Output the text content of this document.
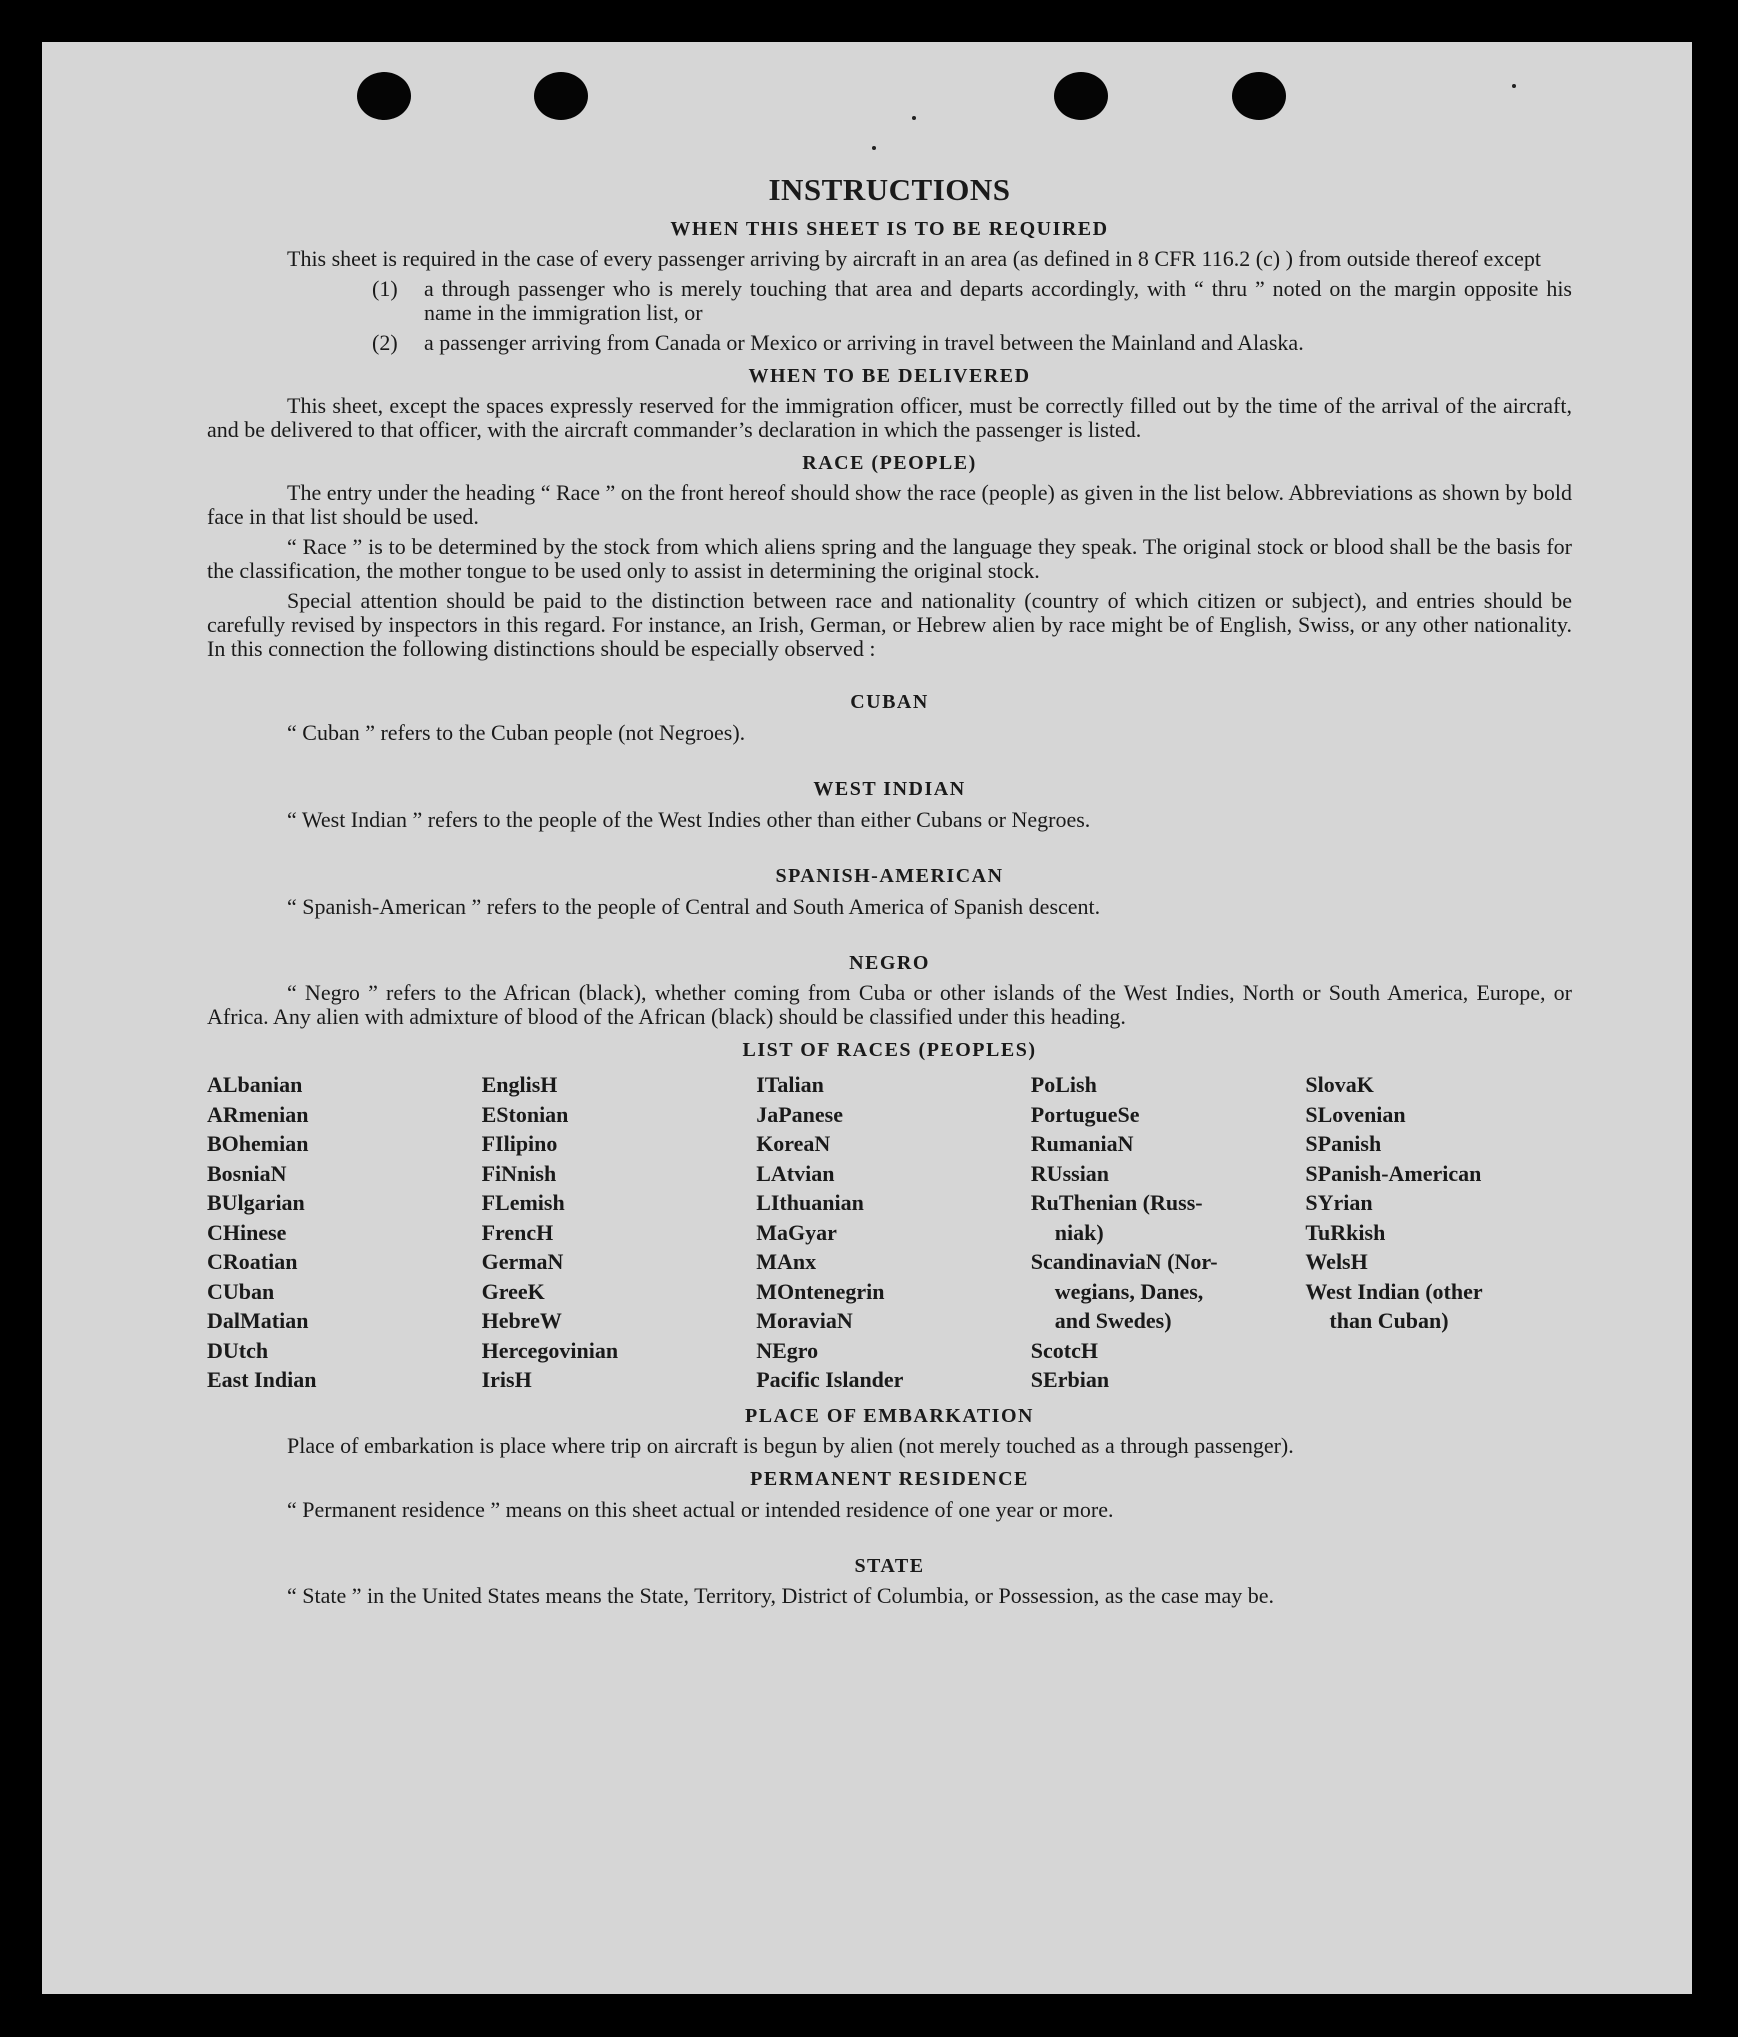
INSTRUCTIONS
WHEN THIS SHEET IS TO BE REQUIRED

This sheet is required in the case of every passenger arriving by aircraft in an area (as defined in 8 CFR 116.2 (c) ) from outside thereof except

(1)	a through passenger who is merely touching that area and departs accordingly, with “ thru ” noted on the margin opposite his name in the immigration list, or
(2)	a passenger arriving from Canada or Mexico or arriving in travel between the Mainland and Alaska.
WHEN TO BE DELIVERED

This sheet, except the spaces expressly reserved for the immigration officer, must be correctly filled out by the time of the arrival of the aircraft, and be delivered to that officer, with the aircraft commander’s declaration in which the passenger is listed.

RACE (PEOPLE)

The entry under the heading “ Race ” on the front hereof should show the race (people) as given in the list below. Abbreviations as shown by bold face in that list should be used.

“ Race ” is to be determined by the stock from which aliens spring and the language they speak. The original stock or blood shall be the basis for the classification, the mother tongue to be used only to assist in determining the original stock.

Special attention should be paid to the distinction between race and nationality (country of which citizen or subject), and entries should be carefully revised by inspectors in this regard. For instance, an Irish, German, or Hebrew alien by race might be of English, Swiss, or any other nationality. In this connection the following distinctions should be especially observed :

CUBAN
“ Cuban ” refers to the Cuban people (not Negroes).
WEST INDIAN
“ West Indian ” refers to the people of the West Indies other than either Cubans or Negroes.
SPANISH-AMERICAN
“ Spanish-American ” refers to the people of Central and South America of Spanish descent.
NEGRO

“ Negro ” refers to the African (black), whether coming from Cuba or other islands of the West Indies, North or South America, Europe, or Africa. Any alien with admixture of blood of the African (black) should be classified under this heading.

LIST OF RACES (PEOPLES)
ALbanian
ARmenian
BOhemian
BosniaN
BUlgarian
CHinese
CRoatian
CUban
DalMatian
DUtch
East Indian
EnglisH
EStonian
FIlipino
FiNnish
FLemish
FrencH
GermaN
GreeK
HebreW
Hercegovinian
IrisH
ITalian
JaPanese
KoreaN
LAtvian
LIthuanian
MaGyar
MAnx
MOntenegrin
MoraviaN
NEgro
Pacific Islander
PoLish
PortugueSe
RumaniaN
RUssian
RuThenian (Russ-
niak)
ScandinaviaN (Nor-
wegians, Danes,
and Swedes)
ScotcH
SErbian
SlovaK
SLovenian
SPanish
SPanish-American
SYrian
TuRkish
WelsH
West Indian (other
than Cuban)
PLACE OF EMBARKATION

Place of embarkation is place where trip on aircraft is begun by alien (not merely touched as a through passenger).

PERMANENT RESIDENCE
“ Permanent residence ” means on this sheet actual or intended residence of one year or more.
STATE

“ State ” in the United States means the State, Territory, District of Columbia, or Possession, as the case may be.
